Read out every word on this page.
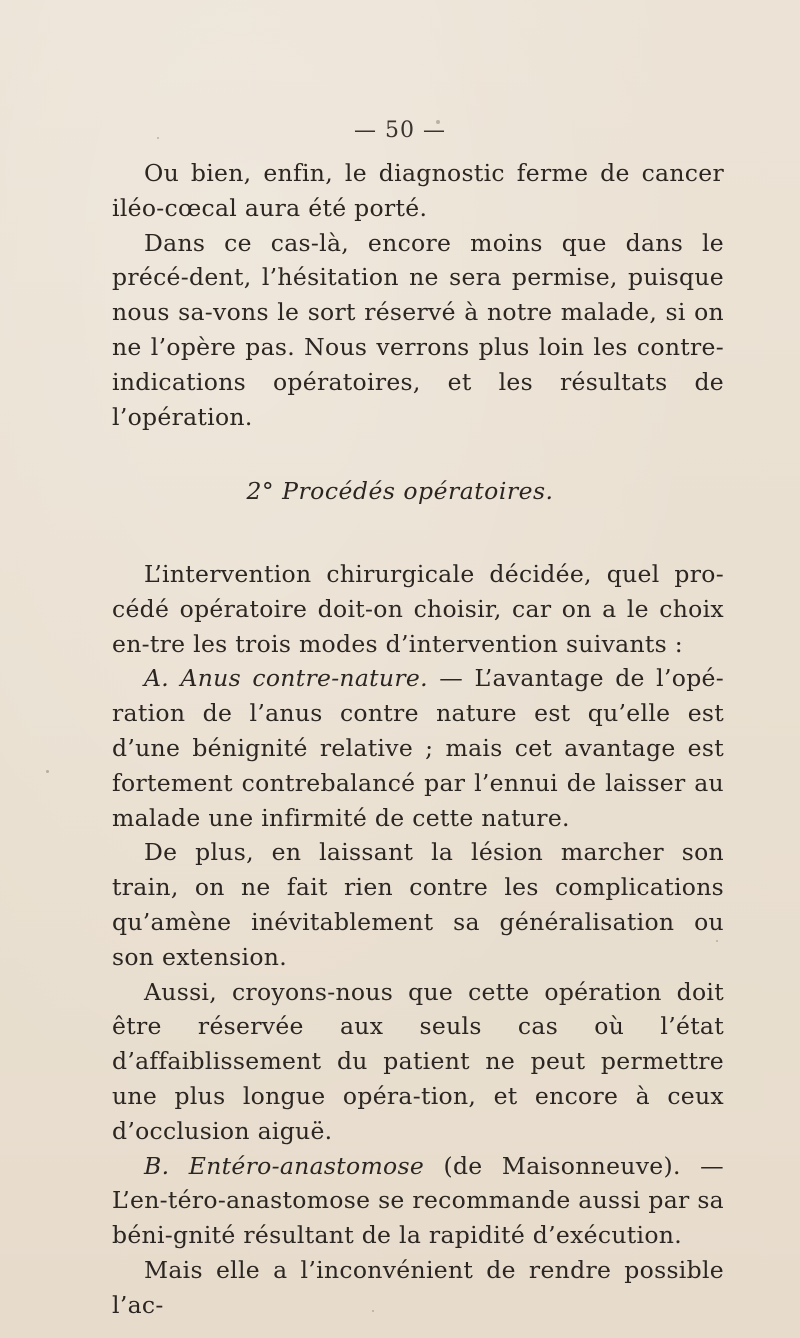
— 50 —

Ou bien, enfin, le diagnostic ferme de cancer iléo-cœcal aura été porté.

Dans ce cas-là, encore moins que dans le précé-dent, l’hésitation ne sera permise, puisque nous sa-vons le sort réservé à notre malade, si on ne l’opère pas. Nous verrons plus loin les contre-indications opératoires, et les résultats de l’opération.

2° Procédés opératoires.

L’intervention chirurgicale décidée, quel pro-cédé opératoire doit-on choisir, car on a le choix en-tre les trois modes d’intervention suivants :

A. Anus contre-nature. — L’avantage de l’opé-ration de l’anus contre nature est qu’elle est d’une bénignité relative ; mais cet avantage est fortement contrebalancé par l’ennui de laisser au malade une infirmité de cette nature.

De plus, en laissant la lésion marcher son train, on ne fait rien contre les complications qu’amène inévitablement sa généralisation ou son extension.

Aussi, croyons-nous que cette opération doit être réservée aux seuls cas où l’état d’affaiblissement du patient ne peut permettre une plus longue opéra-tion, et encore à ceux d’occlusion aiguë.

B. Entéro-anastomose (de Maisonneuve). — L’en-téro-anastomose se recommande aussi par sa béni-gnité résultant de la rapidité d’exécution.

Mais elle a l’inconvénient de rendre possible l’ac-
